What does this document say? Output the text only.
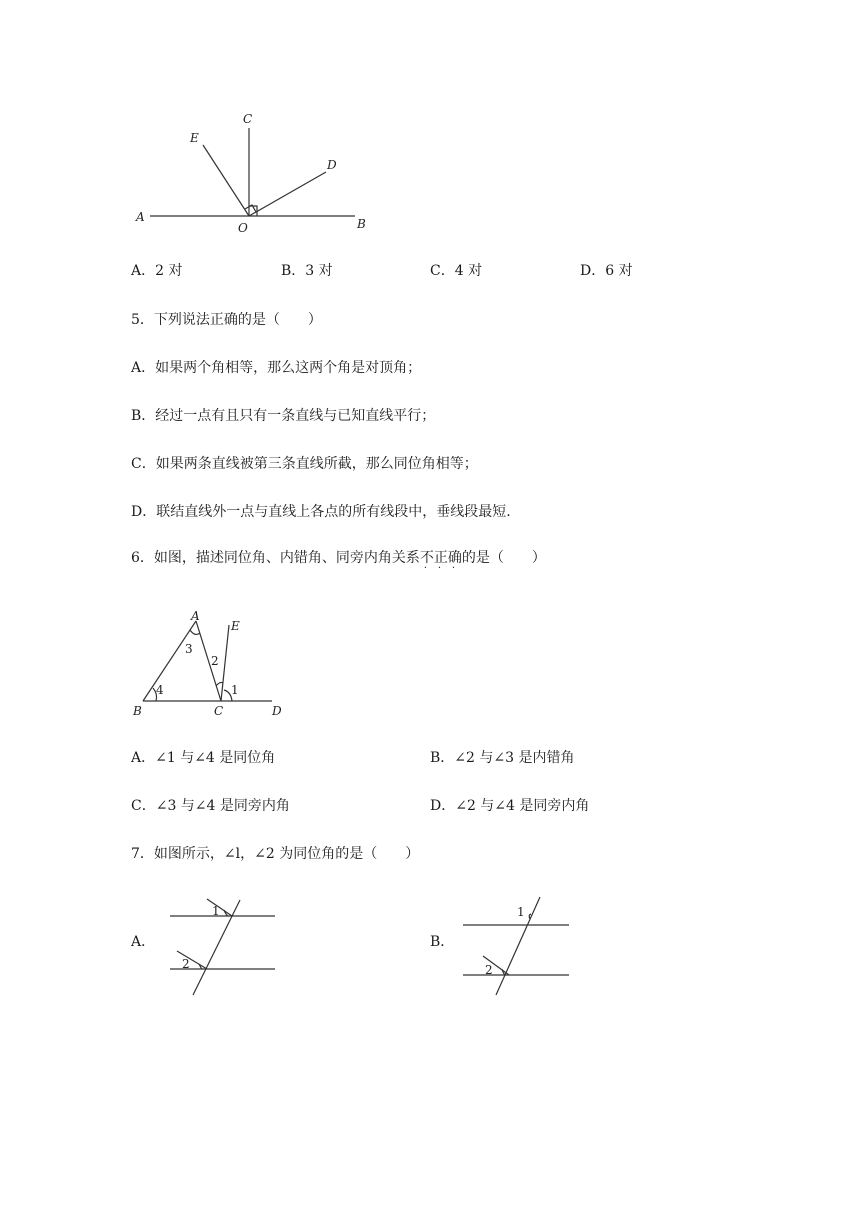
A	B
C
D
E
O
A．2 对	B．3 对	C．4 对	D．6 对
5．下列说法正确的是（　　）
A．如果两个角相等，那么这两个角是对顶角；
B．经过一点有且只有一条直线与已知直线平行；
C．如果两条直线被第三条直线所截，那么同位角相等；
D．联结直线外一点与直线上各点的所有线段中，垂线段最短.
6．如图，描述同位角、内错角、同旁内角关系不正确
· · ·
的是（　　）
A
E
B	C	D
3
2
4	1
A．∠1 与∠4 是同位角	B．∠2 与∠3 是内错角
C．∠3 与∠4 是同旁内角	D．∠2 与∠4 是同旁内角
7．如图所示，∠l，∠2 为同位角的是（　　）
A．
1
2
B．
1
2
